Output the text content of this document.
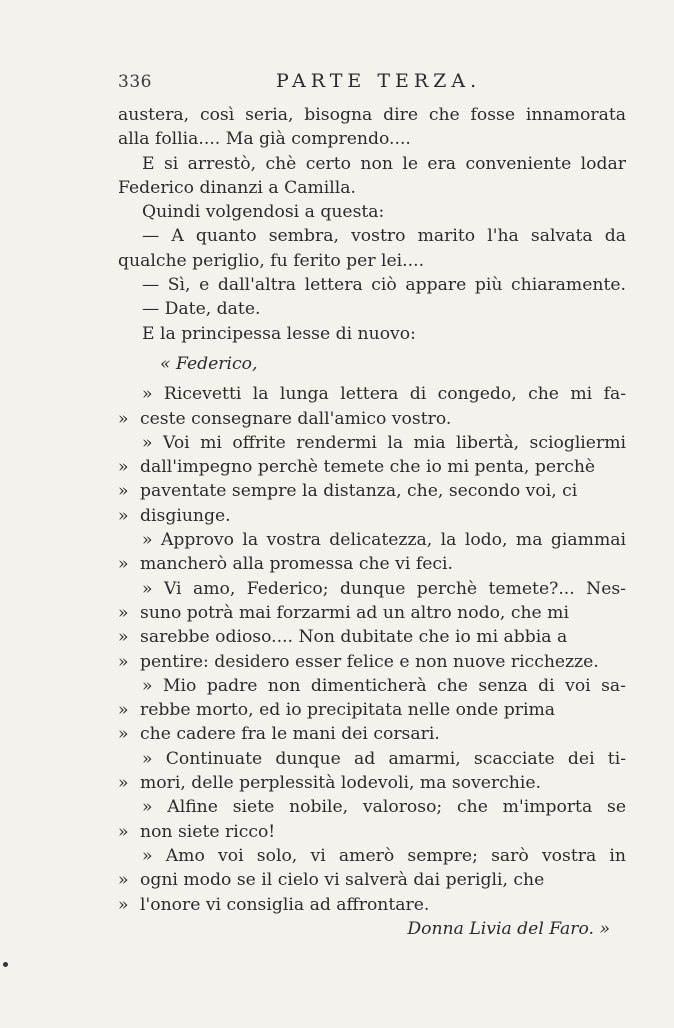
336	PARTE TERZA.
austera, così seria, bisogna dire che fosse innamorata
alla follia.... Ma già comprendo....
E si arrestò, chè certo non le era conveniente lodar
Federico dinanzi a Camilla.
Quindi volgendosi a questa:
— A quanto sembra, vostro marito l'ha salvata da
qualche periglio, fu ferito per lei....
— Sì, e dall'altra lettera ciò appare più chiaramente.
— Date, date.
E la principessa lesse di nuovo:
« Federico,
» Ricevetti la lunga lettera di congedo, che mi fa-
» ceste consegnare dall'amico vostro.
» Voi mi offrite rendermi la mia libertà, sciogliermi
» dall'impegno perchè temete che io mi penta, perchè
» paventate sempre la distanza, che, secondo voi, ci
» disgiunge.
» Approvo la vostra delicatezza, la lodo, ma giammai
» mancherò alla promessa che vi feci.
» Vi amo, Federico; dunque perchè temete?... Nes-
» suno potrà mai forzarmi ad un altro nodo, che mi
» sarebbe odioso.... Non dubitate che io mi abbia a
» pentire: desidero esser felice e non nuove ricchezze.
» Mio padre non dimenticherà che senza di voi sa-
» rebbe morto, ed io precipitata nelle onde prima
» che cadere fra le mani dei corsari.
» Continuate dunque ad amarmi, scacciate dei ti-
» mori, delle perplessità lodevoli, ma soverchie.
» Alfine siete nobile, valoroso; che m'importa se
» non siete ricco!
» Amo voi solo, vi amerò sempre; sarò vostra in
» ogni modo se il cielo vi salverà dai perigli, che
» l'onore vi consiglia ad affrontare.
Donna Livia del Faro. »
